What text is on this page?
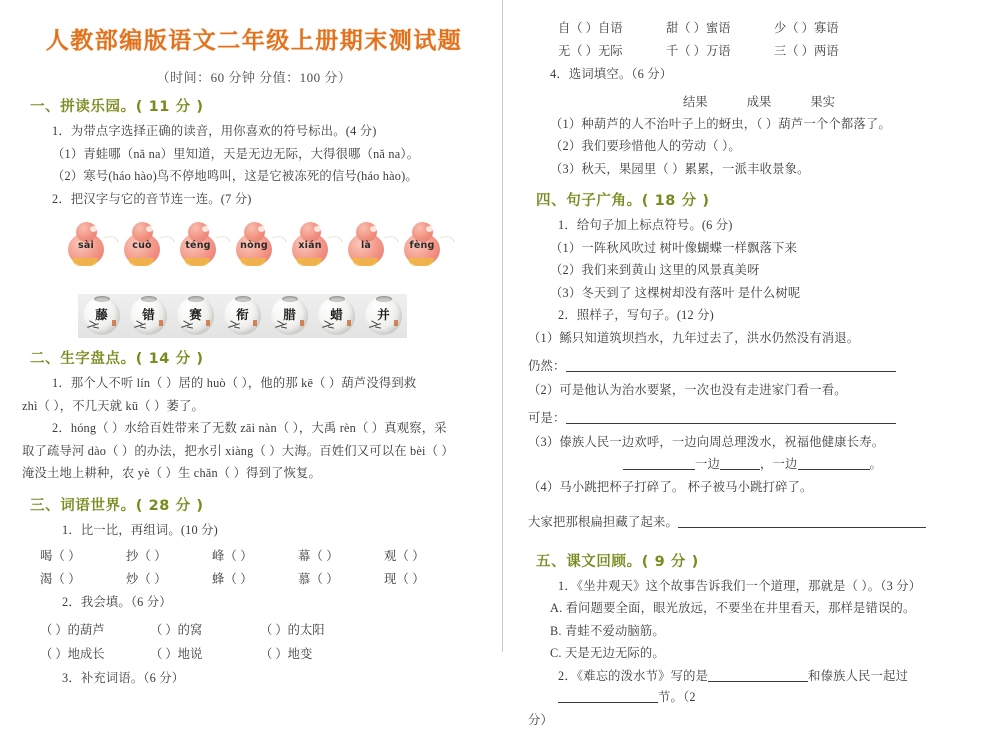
人教部编版语文二年级上册期末测试题
（时间：60 分钟 分值：100 分）
一、拼读乐园。( 11 分 )
1．为带点字选择正确的读音，用你喜欢的符号标出。(4 分)
（1）青蛙哪（nǎ na）里知道，天是无边无际，大得很哪（nǎ na）。
（2）寒号(háo hào)鸟不停地鸣叫，这是它被冻死的信号(háo hào)。
2．把汉字与它的音节连一连。(7 分)
sài	cuò	téng	nòng	xián	là	fèng
藤	错	赛	衔	腊	蜡	并
二、生字盘点。( 14 分 )
1．那个人不听 lín（ ）居的 huò（ ），他的那 kē（ ）葫芦没得到救
zhì（ ），不几天就 kū（ ）萎了。
2．hóng（ ）水给百姓带来了无数 zāi nàn（ ），大禹 rèn（ ）真观察，采
取了疏导河 dào（ ）的办法，把水引 xiàng（ ）大海。百姓们又可以在 bèi（ ）
淹没土地上耕种，农 yè（ ）生 chǎn（ ）得到了恢复。
三、词语世界。( 28 分 )
1．比一比，再组词。(10 分)
喝（ ）	抄（ ）	峰（ ）	幕（ ）	观（ ）
渴（ ）	炒（ ）	蜂（ ）	慕（ ）	现（ ）
2．我会填。（6 分）
（ ）的葫芦	（ ）的窝	（ ）的太阳
（ ）地成长	（ ）地说	（ ）地变
3．补充词语。（6 分）
自（ ）自语	甜（ ）蜜语	少（ ）寡语
无（ ）无际	千（ ）万语	三（ ）两语
4．选词填空。（6 分）
结果	成果	果实
（1）种葫芦的人不治叶子上的蚜虫，（ ）葫芦一个个都落了。
（2）我们要珍惜他人的劳动（ ）。
（3）秋天，果园里（ ）累累，一派丰收景象。
四、句子广角。( 18 分 )
1．给句子加上标点符号。(6 分)
（1）一阵秋风吹过 树叶像蝴蝶一样飘落下来
（2）我们来到黄山 这里的风景真美呀
（3）冬天到了 这棵树却没有落叶 是什么树呢
2．照样子，写句子。(12 分)
（1）鲧只知道筑坝挡水，九年过去了，洪水仍然没有消退。
仍然：
（2）可是他认为治水要紧，一次也没有走进家门看一看。
可是：
（3）傣族人民一边欢呼，一边向周总理泼水，祝福他健康长寿。
一边	，一边	。
（4）马小跳把杯子打碎了。 杯子被马小跳打碎了。
大家把那根扁担藏了起来。
五、课文回顾。( 9 分 )
1．《坐井观天》这个故事告诉我们一个道理，那就是（ ）。（3 分）
A. 看问题要全面，眼光放远，不要坐在井里看天，那样是错误的。
B. 青蛙不爱动脑筋。
C. 天是无边无际的。
2．《难忘的泼水节》写的是	和傣族人民一起过节。（2
分）
